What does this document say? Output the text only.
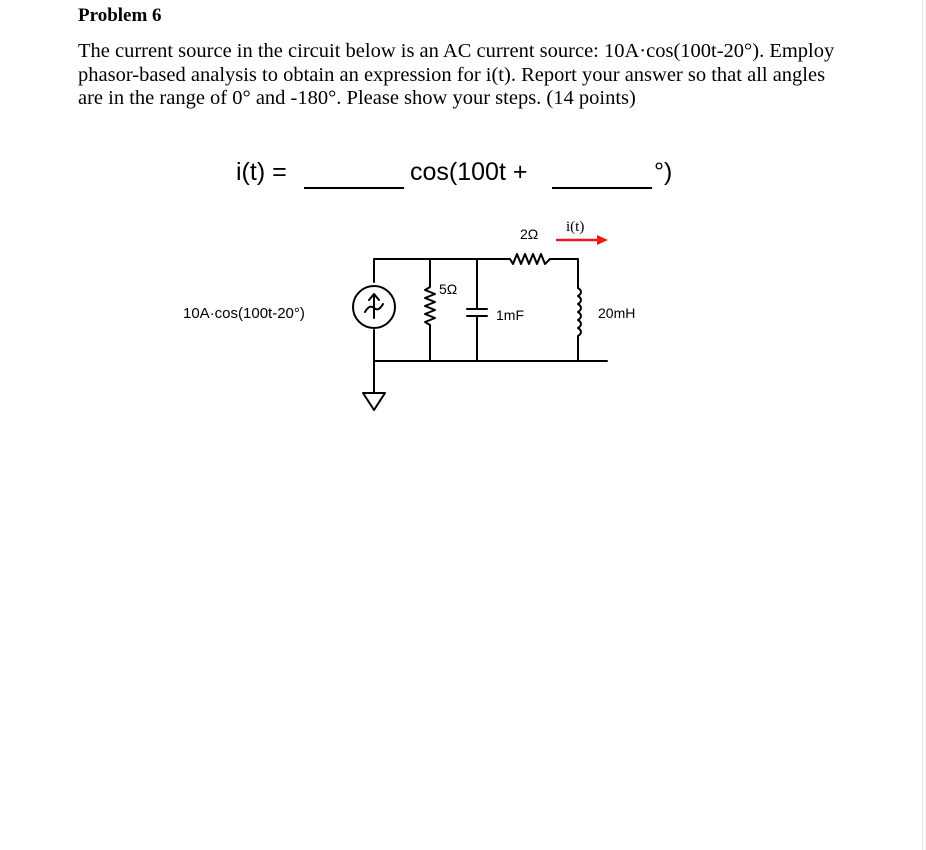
Problem 6

The current source in the circuit below is an AC current source: 10A·cos(100t-20°). Employ
phasor-based analysis to obtain an expression for i(t). Report your answer so that all angles
are in the range of 0° and -180°. Please show your steps. (14 points)

i(t) =	cos(100t +	°)
10A·cos(100t-20°)
2Ω
5Ω
1mF	20mH
i(t)
